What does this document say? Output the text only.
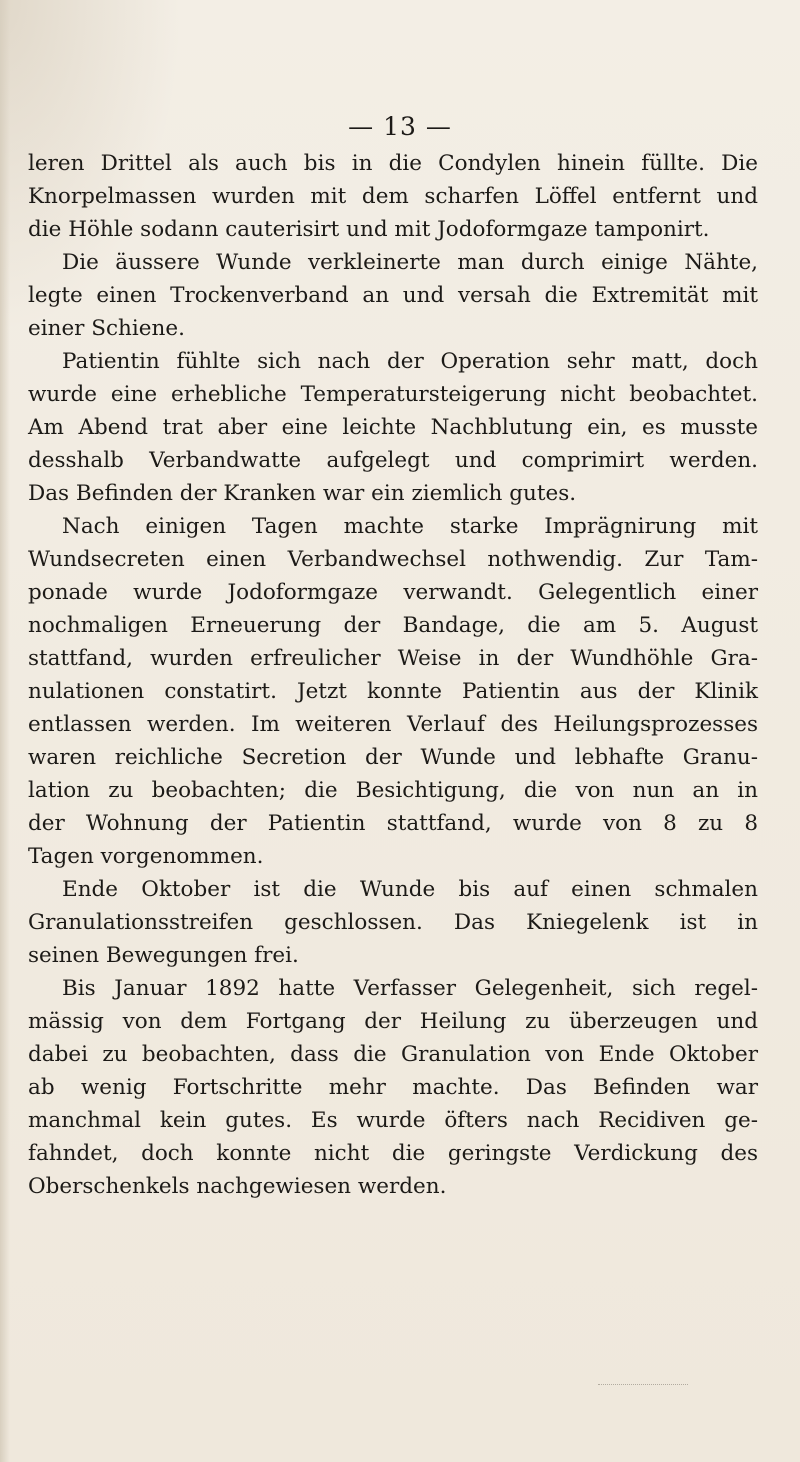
— 13 —
leren Drittel als auch bis in die Condylen hinein füllte. Die
Knorpelmassen wurden mit dem scharfen Löffel entfernt und
die Höhle sodann cauterisirt und mit Jodoformgaze tamponirt.
Die äussere Wunde verkleinerte man durch einige Nähte,
legte einen Trockenverband an und versah die Extremität mit
einer Schiene.
Patientin fühlte sich nach der Operation sehr matt, doch
wurde eine erhebliche Temperatursteigerung nicht beobachtet.
Am Abend trat aber eine leichte Nachblutung ein, es musste
desshalb Verbandwatte aufgelegt und comprimirt werden.
Das Befinden der Kranken war ein ziemlich gutes.
Nach einigen Tagen machte starke Imprägnirung mit
Wundsecreten einen Verbandwechsel nothwendig. Zur Tam-
ponade wurde Jodoformgaze verwandt. Gelegentlich einer
nochmaligen Erneuerung der Bandage, die am 5. August
stattfand, wurden erfreulicher Weise in der Wundhöhle Gra-
nulationen constatirt. Jetzt konnte Patientin aus der Klinik
entlassen werden. Im weiteren Verlauf des Heilungsprozesses
waren reichliche Secretion der Wunde und lebhafte Granu-
lation zu beobachten; die Besichtigung, die von nun an in
der Wohnung der Patientin stattfand, wurde von 8 zu 8
Tagen vorgenommen.
Ende Oktober ist die Wunde bis auf einen schmalen
Granulationsstreifen geschlossen. Das Kniegelenk ist in
seinen Bewegungen frei.
Bis Januar 1892 hatte Verfasser Gelegenheit, sich regel-
mässig von dem Fortgang der Heilung zu überzeugen und
dabei zu beobachten, dass die Granulation von Ende Oktober
ab wenig Fortschritte mehr machte. Das Befinden war
manchmal kein gutes. Es wurde öfters nach Recidiven ge-
fahndet, doch konnte nicht die geringste Verdickung des
Oberschenkels nachgewiesen werden.
